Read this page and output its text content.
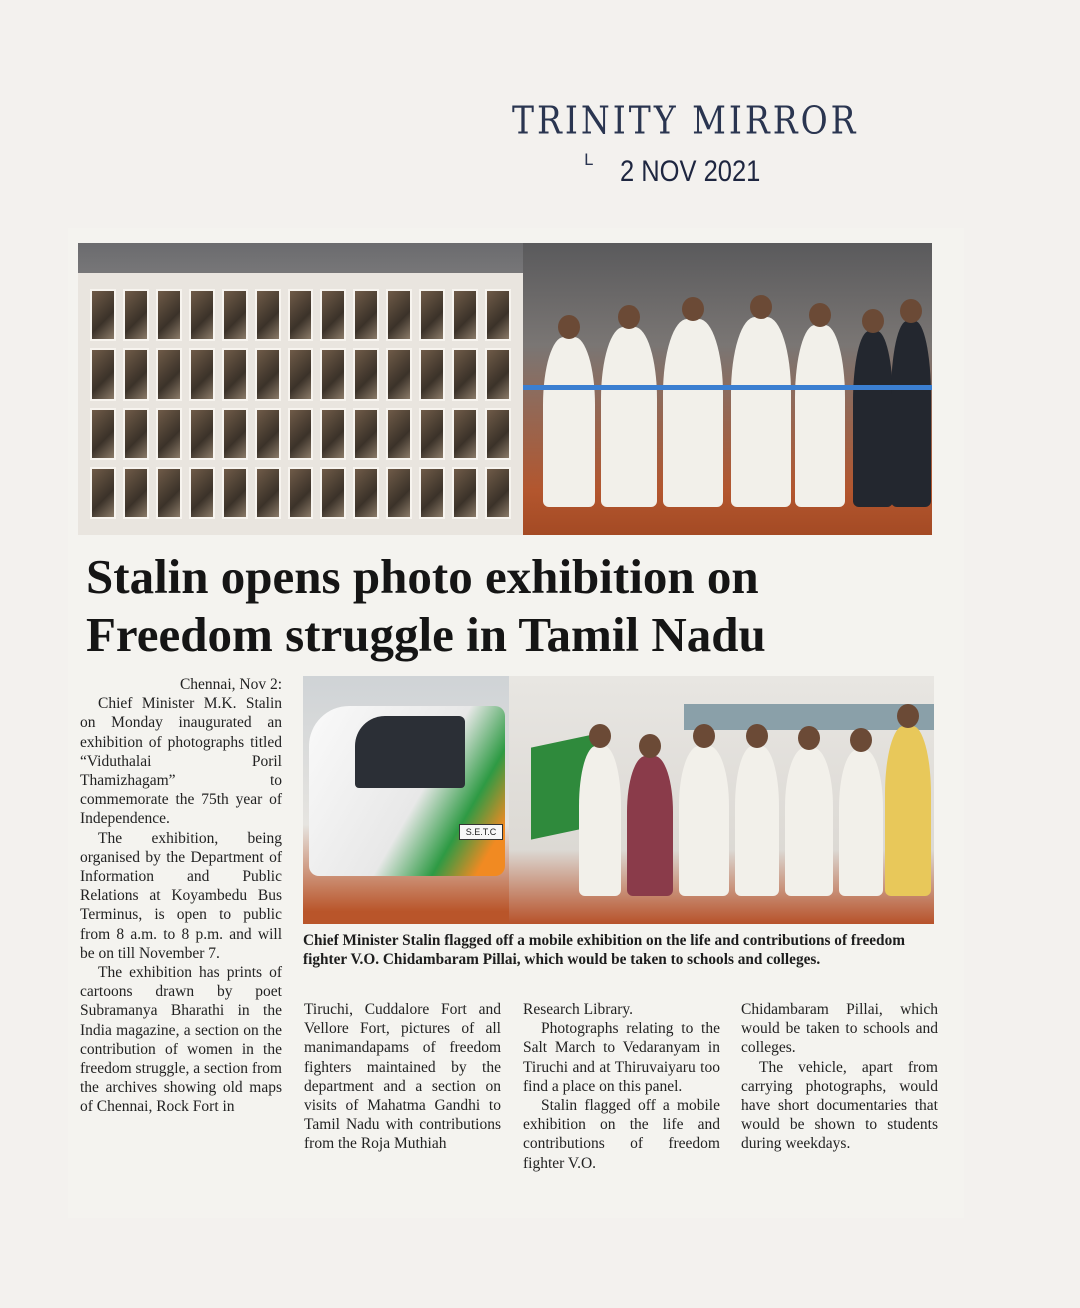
TRINITY MIRROR
L 2 NOV 2021
Stalin opens photo exhibition on
Freedom struggle in Tamil Nadu
S.E.T.C

Chief Minister Stalin flagged off a mobile exhibition on the life and contributions of freedom fighter V.O. Chidambaram Pillai, which would be taken to schools and colleges.

Chennai, Nov 2:

Chief Minister M.K. Stalin on Monday inaugurated an exhibition of photographs titled “Viduthalai Poril Thamizhagam” to commemorate the 75th year of Independence.

The exhibition, being organised by the Department of Information and Public Relations at Koyambedu Bus Terminus, is open to public from 8 a.m. to 8 p.m. and will be on till November 7.

The exhibition has prints of cartoons drawn by poet Subramanya Bharathi in the India magazine, a section on the contribution of women in the freedom struggle, a section from the archives showing old maps of Chennai, Rock Fort in

Tiruchi, Cuddalore Fort and Vellore Fort, pictures of all manimandapams of freedom fighters maintained by the department and a section on visits of Mahatma Gandhi to Tamil Nadu with contributions from the Roja Muthiah

Research Library.

Photographs relating to the Salt March to Vedaranyam in Tiruchi and at Thiruvaiyaru too find a place on this panel.

Stalin flagged off a mobile exhibition on the life and contributions of freedom fighter V.O.

Chidambaram Pillai, which would be taken to schools and colleges.

The vehicle, apart from carrying photographs, would have short documentaries that would be shown to students during weekdays.
